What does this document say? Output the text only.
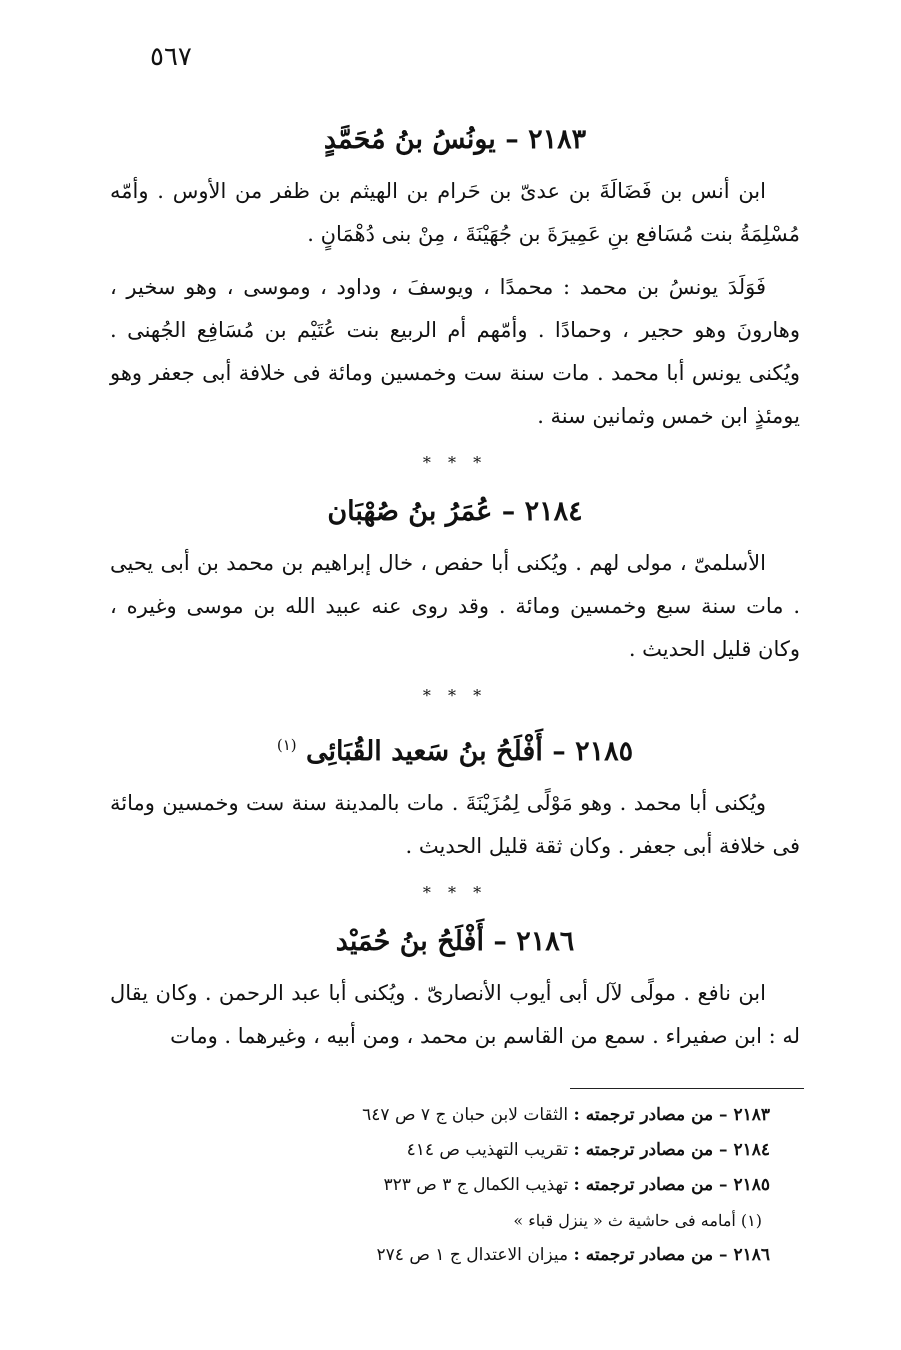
٥٦٧
٢١٨٣ – يونُسُ بنُ مُحَمَّدٍ

ابن أنس بن فَضَالَةَ بن عدىّ بن حَرام بن الهيثم بن ظفر من الأوس . وأمّه مُسْلِمَةُ بنت مُسَافع بنِ عَمِيرَةَ بن جُهَيْنَةَ ، مِنْ بنى دُهْمَانٍ .

فَوَلَدَ يونسُ بن محمد : محمدًا ، ويوسفَ ، وداود ، وموسى ، وهو سخير ، وهارونَ وهو حجير ، وحمادًا . وأمّهم أم الربيع بنت عُتَيْم بن مُسَافِع الجُهنى . ويُكنى يونس أبا محمد . مات سنة ست وخمسين ومائة فى خلافة أبى جعفر وهو يومئذٍ ابن خمس وثمانين سنة .

* * *
٢١٨٤ – عُمَرُ بنُ صُهْبَان

الأسلمىّ ، مولى لهم . ويُكنى أبا حفص ، خال إبراهيم بن محمد بن أبى يحيى . مات سنة سبع وخمسين ومائة . وقد روى عنه عبيد الله بن موسى وغيره ، وكان قليل الحديث .

* * *
٢١٨٥ – أَفْلَحُ بنُ سَعيد القُبَائِى $^{(١)}$

ويُكنى أبا محمد . وهو مَوْلًى لِمُزَيْنَةَ . مات بالمدينة سنة ست وخمسين ومائة فى خلافة أبى جعفر . وكان ثقة قليل الحديث .

* * *
٢١٨٦ – أَفْلَحُ بنُ حُمَيْد

ابن نافع . مولًى لآل أبى أيوب الأنصارىّ . ويُكنى أبا عبد الرحمن . وكان يقال له : ابن صفيراء . سمع من القاسم بن محمد ، ومن أبيه ، وغيرهما . ومات

٢١٨٣ – من مصادر ترجمته : الثقات لابن حبان ج ٧ ص ٦٤٧

٢١٨٤ – من مصادر ترجمته : تقريب التهذيب ص ٤١٤

٢١٨٥ – من مصادر ترجمته : تهذيب الكمال ج ٣ ص ٣٢٣

(١) أمامه فى حاشية ث « ينزل قباء »

٢١٨٦ – من مصادر ترجمته : ميزان الاعتدال ج ١ ص ٢٧٤
